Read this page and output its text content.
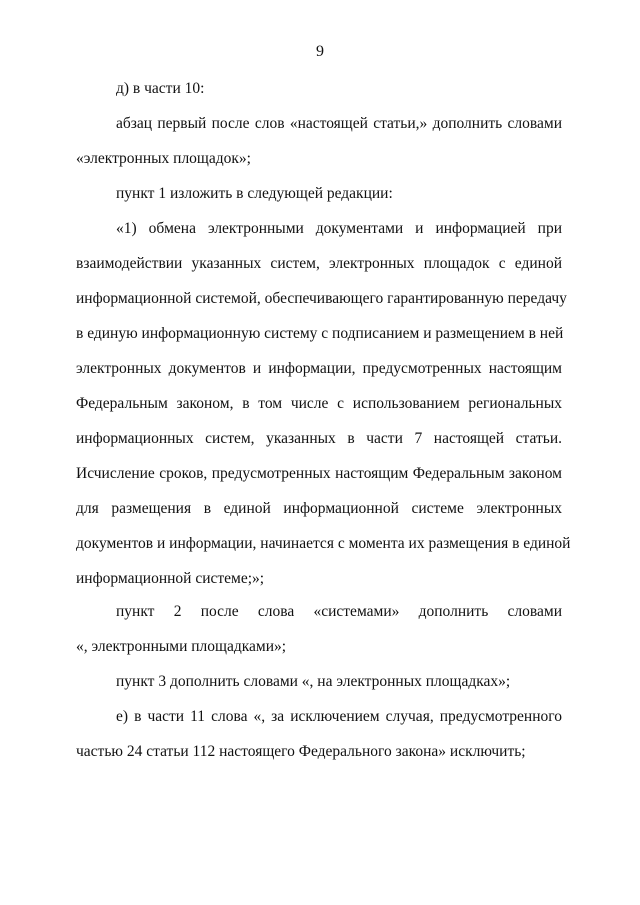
9
д) в части 10:
абзац первый после слов «настоящей статьи,» дополнить словами
«электронных площадок»;
пункт 1 изложить в следующей редакции:
«1) обмена электронными документами и информацией при
взаимодействии указанных систем, электронных площадок с единой
информационной системой, обеспечивающего гарантированную передачу
в единую информационную систему с подписанием и размещением в ней
электронных документов и информации, предусмотренных настоящим
Федеральным законом, в том числе с использованием региональных
информационных систем, указанных в части 7 настоящей статьи.
Исчисление сроков, предусмотренных настоящим Федеральным законом
для размещения в единой информационной системе электронных
документов и информации, начинается с момента их размещения в единой
информационной системе;»;
пункт 2 после слова «системами» дополнить словами
«, электронными площадками»;
пункт 3 дополнить словами «, на электронных площадках»;
е) в части 11 слова «, за исключением случая, предусмотренного
частью 24 статьи 112 настоящего Федерального закона» исключить;
